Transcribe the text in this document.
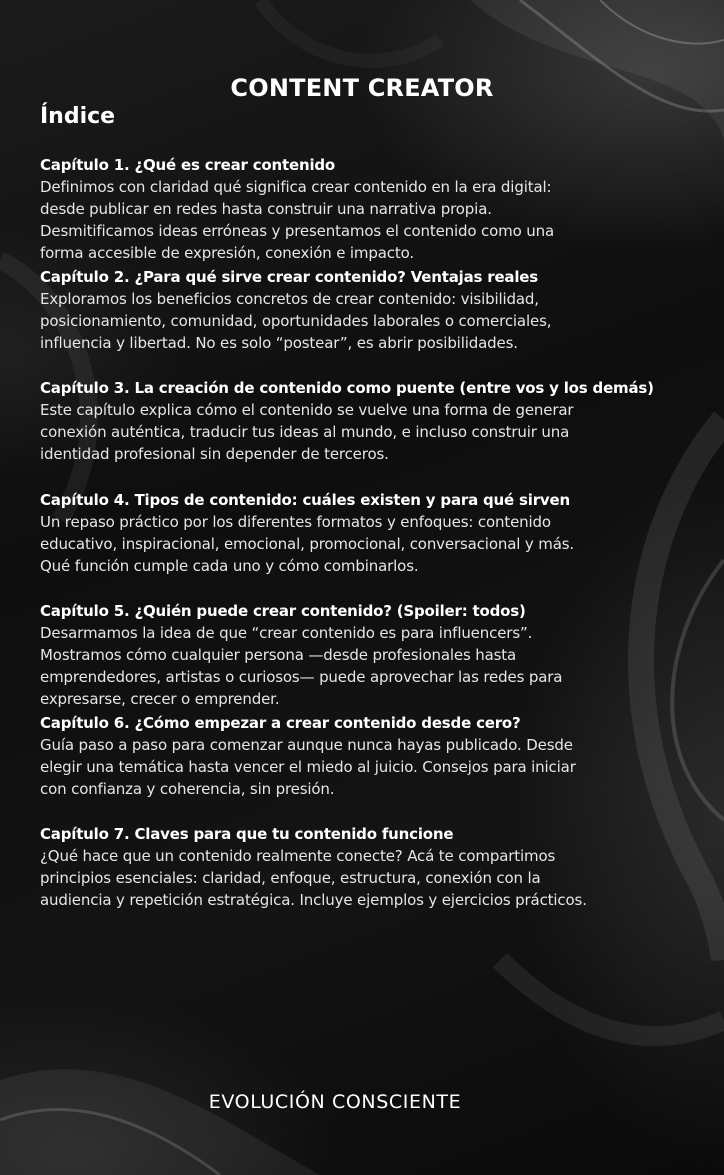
CONTENT CREATOR
Índice
Capítulo 1. ¿Qué es crear contenido
Definimos con claridad qué significa crear contenido en la era digital:
desde publicar en redes hasta construir una narrativa propia.
Desmitificamos ideas erróneas y presentamos el contenido como una
forma accesible de expresión, conexión e impacto.
Capítulo 2. ¿Para qué sirve crear contenido? Ventajas reales
Exploramos los beneficios concretos de crear contenido: visibilidad,
posicionamiento, comunidad, oportunidades laborales o comerciales,
influencia y libertad. No es solo “postear”, es abrir posibilidades.
Capítulo 3. La creación de contenido como puente (entre vos y los demás)
Este capítulo explica cómo el contenido se vuelve una forma de generar
conexión auténtica, traducir tus ideas al mundo, e incluso construir una
identidad profesional sin depender de terceros.
Capítulo 4. Tipos de contenido: cuáles existen y para qué sirven
Un repaso práctico por los diferentes formatos y enfoques: contenido
educativo, inspiracional, emocional, promocional, conversacional y más.
Qué función cumple cada uno y cómo combinarlos.
Capítulo 5. ¿Quién puede crear contenido? (Spoiler: todos)
Desarmamos la idea de que “crear contenido es para influencers”.
Mostramos cómo cualquier persona —desde profesionales hasta
emprendedores, artistas o curiosos— puede aprovechar las redes para
expresarse, crecer o emprender.
Capítulo 6. ¿Cómo empezar a crear contenido desde cero?
Guía paso a paso para comenzar aunque nunca hayas publicado. Desde
elegir una temática hasta vencer el miedo al juicio. Consejos para iniciar
con confianza y coherencia, sin presión.
Capítulo 7. Claves para que tu contenido funcione
¿Qué hace que un contenido realmente conecte? Acá te compartimos
principios esenciales: claridad, enfoque, estructura, conexión con la
audiencia y repetición estratégica. Incluye ejemplos y ejercicios prácticos.
EVOLUCIÓN CONSCIENTE
